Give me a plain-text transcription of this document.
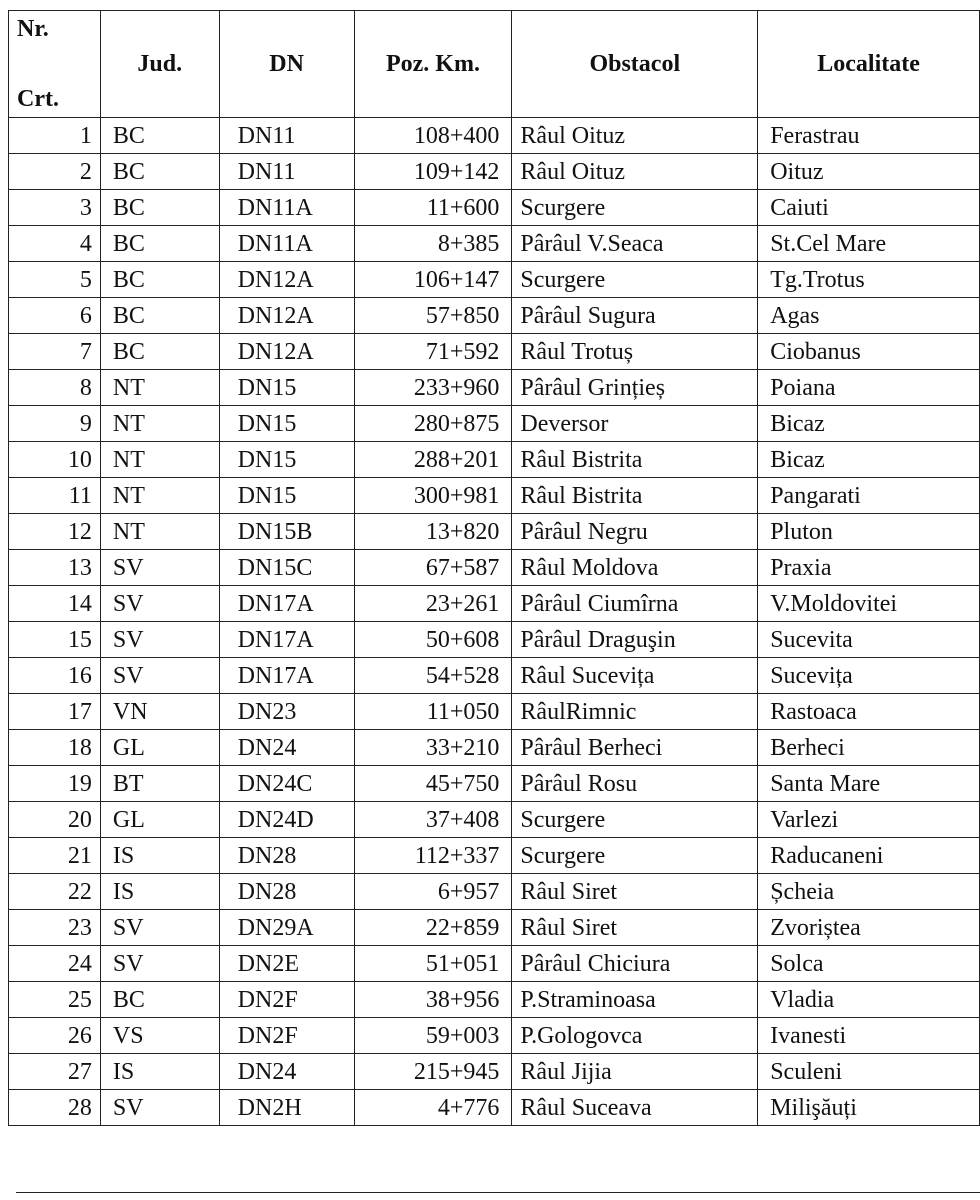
Nr.
Crt.	Jud.	DN	Poz. Km.	Obstacol	Localitate
1	BC	DN11	108+400	Râul Oituz	Ferastrau
2	BC	DN11	109+142	Râul Oituz	Oituz
3	BC	DN11A	11+600	Scurgere	Caiuti
4	BC	DN11A	8+385	Pârâul V.Seaca	St.Cel Mare
5	BC	DN12A	106+147	Scurgere	Tg.Trotus
6	BC	DN12A	57+850	Pârâul Sugura	Agas
7	BC	DN12A	71+592	Râul Trotuș	Ciobanus
8	NT	DN15	233+960	Pârâul Grințieș	Poiana
9	NT	DN15	280+875	Deversor	Bicaz
10	NT	DN15	288+201	Râul Bistrita	Bicaz
11	NT	DN15	300+981	Râul Bistrita	Pangarati
12	NT	DN15B	13+820	Pârâul Negru	Pluton
13	SV	DN15C	67+587	Râul Moldova	Praxia
14	SV	DN17A	23+261	Pârâul Ciumîrna	V.Moldovitei
15	SV	DN17A	50+608	Pârâul Draguşin	Sucevita
16	SV	DN17A	54+528	Râul Sucevița	Sucevița
17	VN	DN23	11+050	RâulRimnic	Rastoaca
18	GL	DN24	33+210	Pârâul Berheci	Berheci
19	BT	DN24C	45+750	Pârâul Rosu	Santa Mare
20	GL	DN24D	37+408	Scurgere	Varlezi
21	IS	DN28	112+337	Scurgere	Raducaneni
22	IS	DN28	6+957	Râul Siret	Șcheia
23	SV	DN29A	22+859	Râul Siret	Zvoriștea
24	SV	DN2E	51+051	Pârâul Chiciura	Solca
25	BC	DN2F	38+956	P.Straminoasa	Vladia
26	VS	DN2F	59+003	P.Gologovca	Ivanesti
27	IS	DN24	215+945	Râul Jijia	Sculeni
28	SV	DN2H	4+776	Râul Suceava	Milişăuți
